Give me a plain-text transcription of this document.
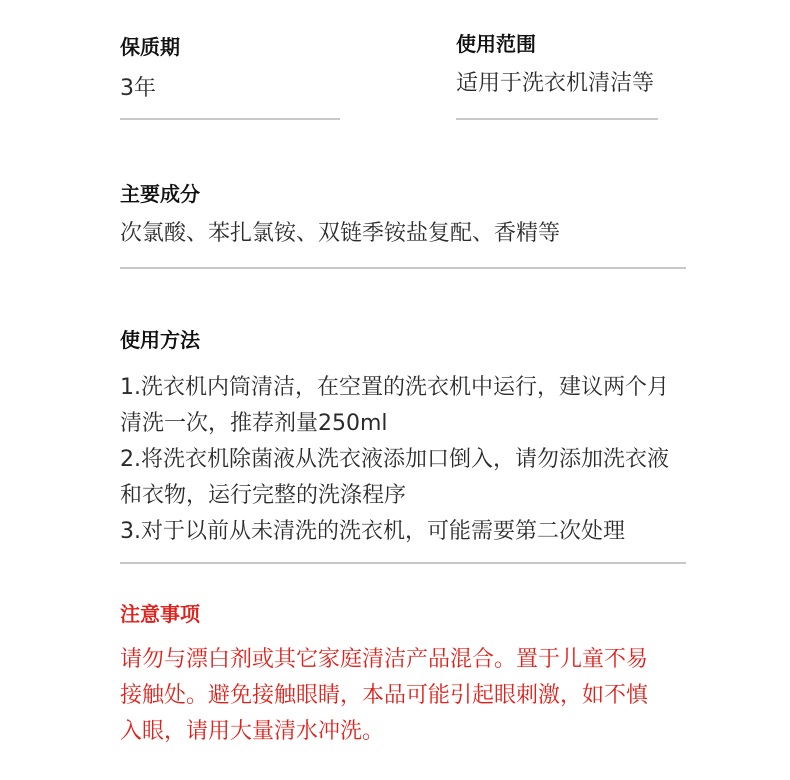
保质期
3年
使用范围
适用于洗衣机清洁等
主要成分
次氯酸、苯扎氯铵、双链季铵盐复配、香精等
使用方法
1.洗衣机内筒清洁，在空置的洗衣机中运行，建议两个月
清洗一次，推荐剂量250ml
2.将洗衣机除菌液从洗衣液添加口倒入，请勿添加洗衣液
和衣物，运行完整的洗涤程序
3.对于以前从未清洗的洗衣机，可能需要第二次处理
注意事项
请勿与漂白剂或其它家庭清洁产品混合。置于儿童不易
接触处。避免接触眼睛，本品可能引起眼刺激，如不慎
入眼，请用大量清水冲洗。
